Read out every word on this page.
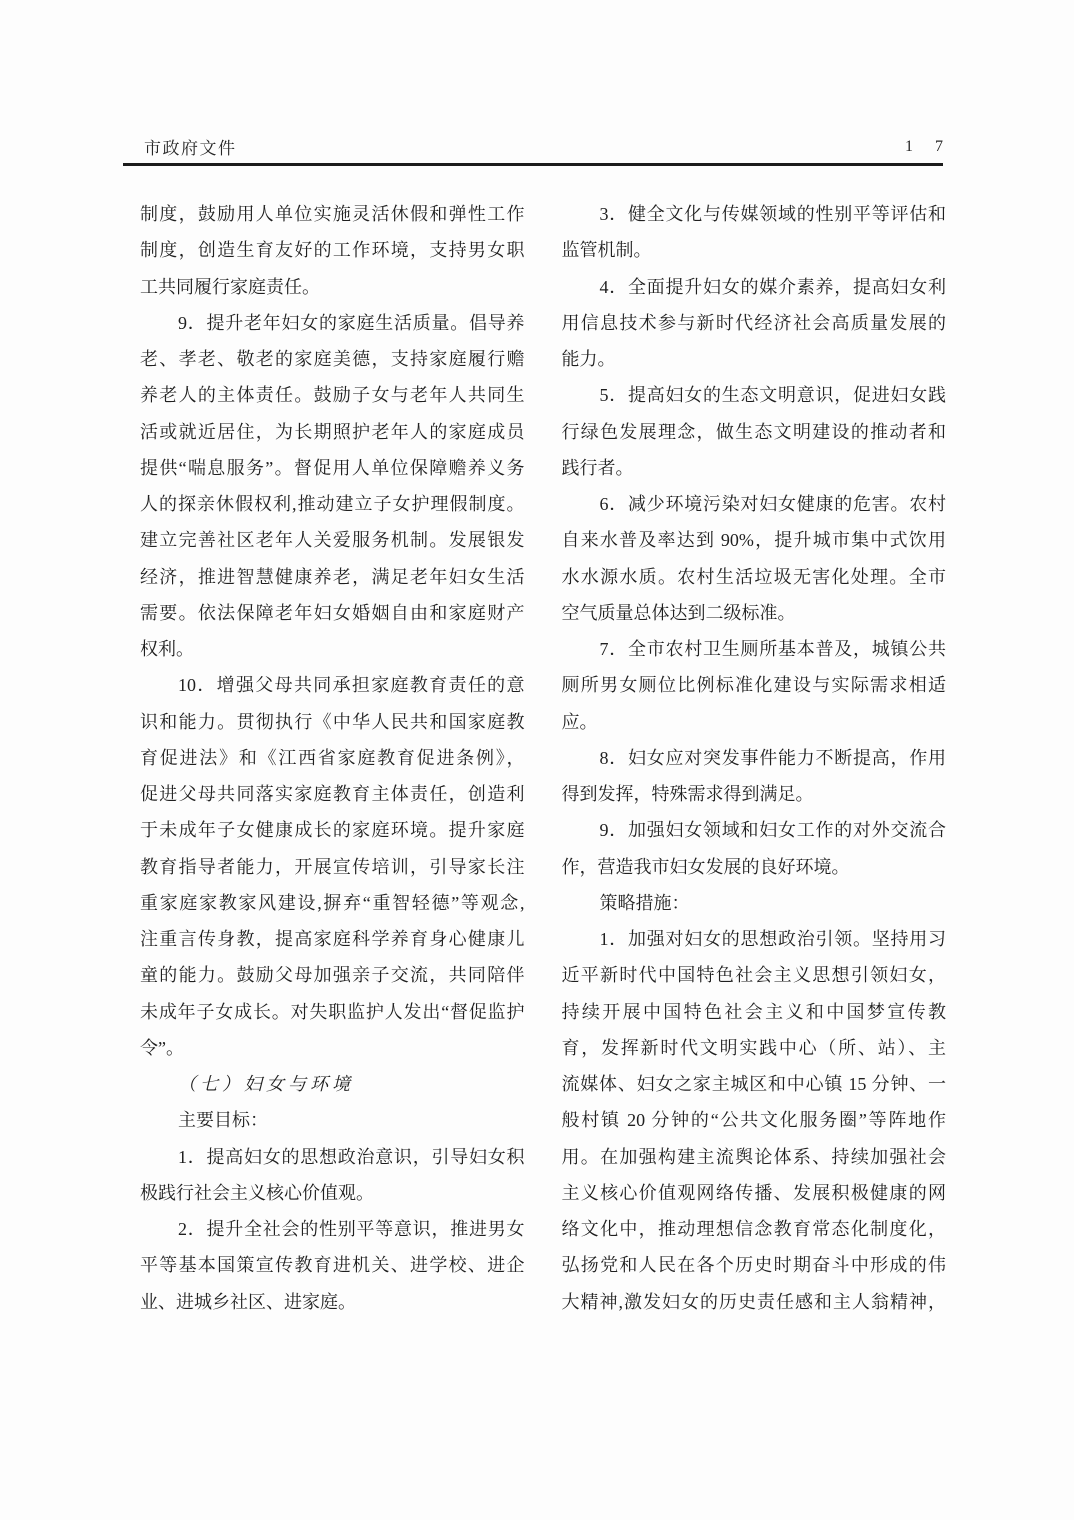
市政府文件	1 7
制度，鼓励用人单位实施灵活休假和弹性工作
制度，创造生育友好的工作环境，支持男女职
工共同履行家庭责任。
9．提升老年妇女的家庭生活质量。倡导养
老、孝老、敬老的家庭美德，支持家庭履行赡
养老人的主体责任。鼓励子女与老年人共同生
活或就近居住，为长期照护老年人的家庭成员
提供“喘息服务”。督促用人单位保障赡养义务
人的探亲休假权利,推动建立子女护理假制度。
建立完善社区老年人关爱服务机制。发展银发
经济，推进智慧健康养老，满足老年妇女生活
需要。依法保障老年妇女婚姻自由和家庭财产
权利。
10．增强父母共同承担家庭教育责任的意
识和能力。贯彻执行《中华人民共和国家庭教
育促进法》和《江西省家庭教育促进条例》，
促进父母共同落实家庭教育主体责任，创造利
于未成年子女健康成长的家庭环境。提升家庭
教育指导者能力，开展宣传培训，引导家长注
重家庭家教家风建设,摒弃“重智轻德”等观念,
注重言传身教，提高家庭科学养育身心健康儿
童的能力。鼓励父母加强亲子交流，共同陪伴
未成年子女成长。对失职监护人发出“督促监护
令”。
（七）妇女与环境
主要目标：
1．提高妇女的思想政治意识，引导妇女积
极践行社会主义核心价值观。
2．提升全社会的性别平等意识，推进男女
平等基本国策宣传教育进机关、进学校、进企
业、进城乡社区、进家庭。
3．健全文化与传媒领域的性别平等评估和
监管机制。
4．全面提升妇女的媒介素养，提高妇女利
用信息技术参与新时代经济社会高质量发展的
能力。
5．提高妇女的生态文明意识，促进妇女践
行绿色发展理念，做生态文明建设的推动者和
践行者。
6．减少环境污染对妇女健康的危害。农村
自来水普及率达到 90%，提升城市集中式饮用
水水源水质。农村生活垃圾无害化处理。全市
空气质量总体达到二级标准。
7．全市农村卫生厕所基本普及，城镇公共
厕所男女厕位比例标准化建设与实际需求相适
应。
8．妇女应对突发事件能力不断提高，作用
得到发挥，特殊需求得到满足。
9．加强妇女领域和妇女工作的对外交流合
作，营造我市妇女发展的良好环境。
策略措施：
1．加强对妇女的思想政治引领。坚持用习
近平新时代中国特色社会主义思想引领妇女，
持续开展中国特色社会主义和中国梦宣传教
育，发挥新时代文明实践中心（所、站）、主
流媒体、妇女之家主城区和中心镇 15 分钟、一
般村镇 20 分钟的“公共文化服务圈”等阵地作
用。在加强构建主流舆论体系、持续加强社会
主义核心价值观网络传播、发展积极健康的网
络文化中，推动理想信念教育常态化制度化，
弘扬党和人民在各个历史时期奋斗中形成的伟
大精神,激发妇女的历史责任感和主人翁精神，
